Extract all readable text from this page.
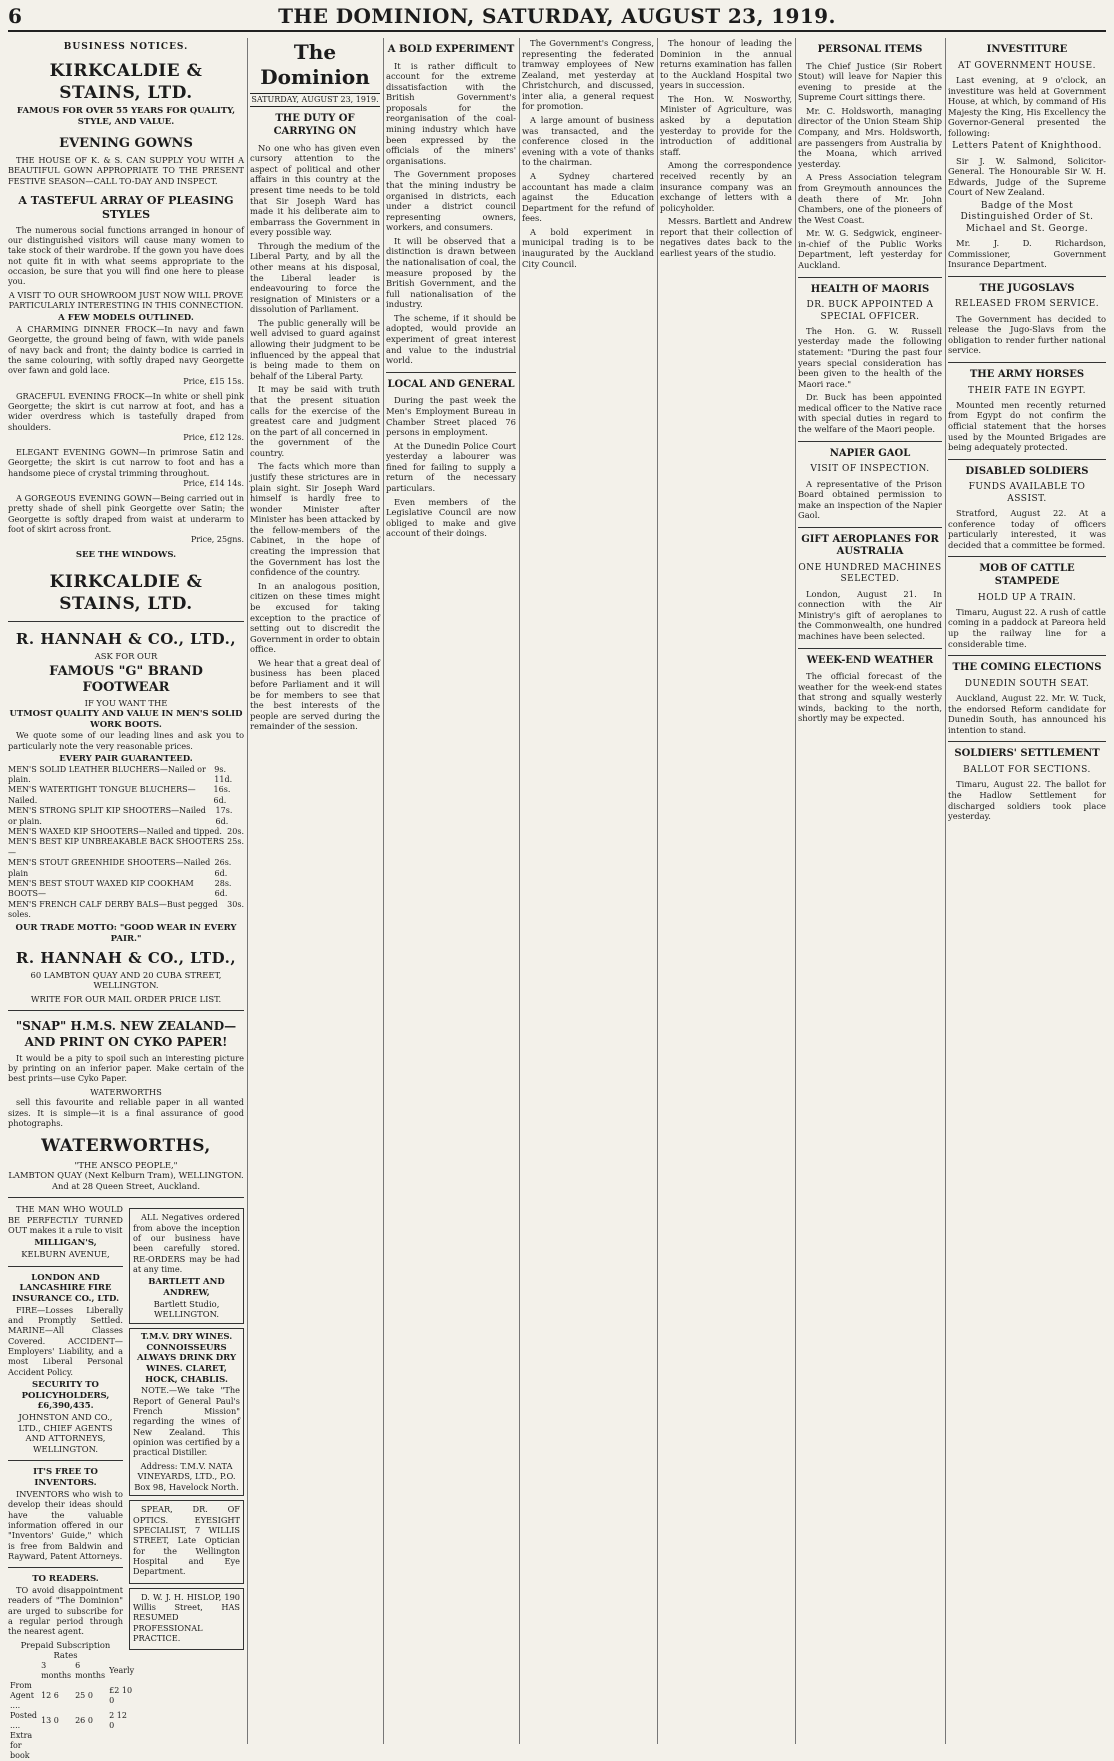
6	THE DOMINION, SATURDAY, AUGUST 23, 1919.
BUSINESS NOTICES.
KIRKCALDIE & STAINS, LTD.
FAMOUS FOR OVER 55 YEARS FOR QUALITY, STYLE, AND VALUE.
EVENING GOWNS

THE HOUSE OF K. & S. CAN SUPPLY YOU WITH A BEAUTIFUL GOWN APPROPRIATE TO THE PRESENT FESTIVE SEASON—CALL TO-DAY AND INSPECT.

A TASTEFUL ARRAY OF PLEASING STYLES

The numerous social functions arranged in honour of our distinguished visitors will cause many women to take stock of their wardrobe. If the gown you have does not quite fit in with what seems appropriate to the occasion, be sure that you will find one here to please you.

A VISIT TO OUR SHOWROOM JUST NOW WILL PROVE PARTICULARLY INTERESTING IN THIS CONNECTION.

A FEW MODELS OUTLINED.

A CHARMING DINNER FROCK—In navy and fawn Georgette, the ground being of fawn, with wide panels of navy back and front; the dainty bodice is carried in the same colouring, with softly draped navy Georgette over fawn and gold lace.

Price, £15 15s.

GRACEFUL EVENING FROCK—In white or shell pink Georgette; the skirt is cut narrow at foot, and has a wider overdress which is tastefully draped from shoulders.

Price, £12 12s.

ELEGANT EVENING GOWN—In primrose Satin and Georgette; the skirt is cut narrow to foot and has a handsome piece of crystal trimming throughout.

Price, £14 14s.

A GORGEOUS EVENING GOWN—Being carried out in pretty shade of shell pink Georgette over Satin; the Georgette is softly draped from waist at underarm to foot of skirt across front.

Price, 25gns.
SEE THE WINDOWS.
KIRKCALDIE & STAINS, LTD.
R. HANNAH & CO., LTD.,
ASK FOR OUR
FAMOUS "G" BRAND FOOTWEAR
IF YOU WANT THE
UTMOST QUALITY AND VALUE IN MEN'S SOLID WORK BOOTS.

We quote some of our leading lines and ask you to particularly note the very reasonable prices.

EVERY PAIR GUARANTEED.
MEN'S SOLID LEATHER BLUCHERS—Nailed or plain.
9s. 11d.
MEN'S WATERTIGHT TONGUE BLUCHERS—Nailed.
16s. 6d.
MEN'S STRONG SPLIT KIP SHOOTERS—Nailed or plain.
17s. 6d.
MEN'S WAXED KIP SHOOTERS—Nailed and tipped. 20s.
MEN'S BEST KIP UNBREAKABLE BACK SHOOTERS—
25s.
MEN'S STOUT GREENHIDE SHOOTERS—Nailed plain
26s. 6d.
MEN'S BEST STOUT WAXED KIP COOKHAM BOOTS—
28s. 6d.
MEN'S FRENCH CALF DERBY BALS—Bust pegged soles.
30s.
OUR TRADE MOTTO: "GOOD WEAR IN EVERY PAIR."
R. HANNAH & CO., LTD.,
60 LAMBTON QUAY AND 20 CUBA STREET, WELLINGTON.
WRITE FOR OUR MAIL ORDER PRICE LIST.
"SNAP" H.M.S. NEW ZEALAND— AND PRINT ON CYKO PAPER!

It would be a pity to spoil such an interesting picture by printing on an inferior paper. Make certain of the best prints—use Cyko Paper.

WATERWORTHS

sell this favourite and reliable paper in all wanted sizes. It is simple—it is a final assurance of good photographs.

WATERWORTHS,
"THE ANSCO PEOPLE,"
LAMBTON QUAY (Next Kelburn Tram), WELLINGTON.
And at 28 Queen Street, Auckland.

THE MAN WHO WOULD BE PERFECTLY TURNED OUT makes it a rule to visit

MILLIGAN'S,
KELBURN AVENUE,
LONDON AND LANCASHIRE FIRE INSURANCE CO., LTD.

FIRE—Losses Liberally and Promptly Settled. MARINE—All Classes Covered. ACCIDENT—Employers' Liability, and a most Liberal Personal Accident Policy.

SECURITY TO POLICYHOLDERS, £6,390,435.
JOHNSTON AND CO., LTD., CHIEF AGENTS AND ATTORNEYS, WELLINGTON.
IT'S FREE TO INVENTORS.

INVENTORS who wish to develop their ideas should have the valuable information offered in our "Inventors' Guide," which is free from Baldwin and Rayward, Patent Attorneys.

TO READERS.

TO avoid disappointment readers of "The Dominion" are urged to subscribe for a regular period through the nearest agent.

Prepaid Subscription Rates
	3 months	6 months	Yearly
From Agent ....	12 6	25 0	£2 10 0
Posted ....	13 0	26 0	2 12 0
Extra for book			

ALL Negatives ordered from above the inception of our business have been carefully stored. RE-ORDERS may be had at any time.

BARTLETT AND ANDREW,
Bartlett Studio, WELLINGTON.
T.M.V. DRY WINES. CONNOISSEURS ALWAYS DRINK DRY WINES. CLARET, HOCK, CHABLIS.

NOTE.—We take "The Report of General Paul's French Mission" regarding the wines of New Zealand. This opinion was certified by a practical Distiller.

Address: T.M.V. NATA VINEYARDS, LTD., P.O. Box 98, Havelock North.

SPEAR, DR. OF OPTICS. EYESIGHT SPECIALIST, 7 WILLIS STREET, Late Optician for the Wellington Hospital and Eye Department.

D. W. J. H. HISLOP, 190 Willis Street, HAS RESUMED PROFESSIONAL PRACTICE.

The Dominion
SATURDAY, AUGUST 23, 1919.
THE DUTY OF CARRYING ON

No one who has given even cursory attention to the aspect of political and other affairs in this country at the present time needs to be told that Sir Joseph Ward has made it his deliberate aim to embarrass the Government in every possible way.

Through the medium of the Liberal Party, and by all the other means at his disposal, the Liberal leader is endeavouring to force the resignation of Ministers or a dissolution of Parliament.

The public generally will be well advised to guard against allowing their judgment to be influenced by the appeal that is being made to them on behalf of the Liberal Party.

It may be said with truth that the present situation calls for the exercise of the greatest care and judgment on the part of all concerned in the government of the country.

The facts which more than justify these strictures are in plain sight. Sir Joseph Ward himself is hardly free to wonder Minister after Minister has been attacked by the fellow-members of the Cabinet, in the hope of creating the impression that the Government has lost the confidence of the country.

In an analogous position, citizen on these times might be excused for taking exception to the practice of setting out to discredit the Government in order to obtain office.

We hear that a great deal of business has been placed before Parliament and it will be for members to see that the best interests of the people are served during the remainder of the session.

A BOLD EXPERIMENT

It is rather difficult to account for the extreme dissatisfaction with the British Government's proposals for the reorganisation of the coal-mining industry which have been expressed by the officials of the miners' organisations.

The Government proposes that the mining industry be organised in districts, each under a district council representing owners, workers, and consumers.

It will be observed that a distinction is drawn between the nationalisation of coal, the measure proposed by the British Government, and the full nationalisation of the industry.

The scheme, if it should be adopted, would provide an experiment of great interest and value to the industrial world.

LOCAL AND GENERAL

During the past week the Men's Employment Bureau in Chamber Street placed 76 persons in employment.

At the Dunedin Police Court yesterday a labourer was fined for failing to supply a return of the necessary particulars.

Even members of the Legislative Council are now obliged to make and give account of their doings.

The Government's Congress, representing the federated tramway employees of New Zealand, met yesterday at Christchurch, and discussed, inter alia, a general request for promotion.

A large amount of business was transacted, and the conference closed in the evening with a vote of thanks to the chairman.

A Sydney chartered accountant has made a claim against the Education Department for the refund of fees.

A bold experiment in municipal trading is to be inaugurated by the Auckland City Council.

The honour of leading the Dominion in the annual returns examination has fallen to the Auckland Hospital two years in succession.

The Hon. W. Nosworthy, Minister of Agriculture, was asked by a deputation yesterday to provide for the introduction of additional staff.

Among the correspondence received recently by an insurance company was an exchange of letters with a policyholder.

Messrs. Bartlett and Andrew report that their collection of negatives dates back to the earliest years of the studio.

PERSONAL ITEMS

The Chief Justice (Sir Robert Stout) will leave for Napier this evening to preside at the Supreme Court sittings there.

Mr. C. Holdsworth, managing director of the Union Steam Ship Company, and Mrs. Holdsworth, are passengers from Australia by the Moana, which arrived yesterday.

A Press Association telegram from Greymouth announces the death there of Mr. John Chambers, one of the pioneers of the West Coast.

Mr. W. G. Sedgwick, engineer-in-chief of the Public Works Department, left yesterday for Auckland.

HEALTH OF MAORIS
DR. BUCK APPOINTED A SPECIAL OFFICER.

The Hon. G. W. Russell yesterday made the following statement: "During the past four years special consideration has been given to the health of the Maori race."

Dr. Buck has been appointed medical officer to the Native race with special duties in regard to the welfare of the Maori people.

NAPIER GAOL
VISIT OF INSPECTION.

A representative of the Prison Board obtained permission to make an inspection of the Napier Gaol.

GIFT AEROPLANES FOR AUSTRALIA
ONE HUNDRED MACHINES SELECTED.

London, August 21. In connection with the Air Ministry's gift of aeroplanes to the Commonwealth, one hundred machines have been selected.

WEEK-END WEATHER

The official forecast of the weather for the week-end states that strong and squally westerly winds, backing to the north, shortly may be expected.

INVESTITURE
AT GOVERNMENT HOUSE.

Last evening, at 9 o'clock, an investiture was held at Government House, at which, by command of His Majesty the King, His Excellency the Governor-General presented the following:

Letters Patent of Knighthood.

Sir J. W. Salmond, Solicitor-General. The Honourable Sir W. H. Edwards, Judge of the Supreme Court of New Zealand.

Badge of the Most Distinguished Order of St. Michael and St. George.

Mr. J. D. Richardson, Commissioner, Government Insurance Department.

THE JUGOSLAVS
RELEASED FROM SERVICE.

The Government has decided to release the Jugo-Slavs from the obligation to render further national service.

THE ARMY HORSES
THEIR FATE IN EGYPT.

Mounted men recently returned from Egypt do not confirm the official statement that the horses used by the Mounted Brigades are being adequately protected.

DISABLED SOLDIERS
FUNDS AVAILABLE TO ASSIST.

Stratford, August 22. At a conference today of officers particularly interested, it was decided that a committee be formed.

MOB OF CATTLE STAMPEDE
HOLD UP A TRAIN.

Timaru, August 22. A rush of cattle coming in a paddock at Pareora held up the railway line for a considerable time.

THE COMING ELECTIONS
DUNEDIN SOUTH SEAT.

Auckland, August 22. Mr. W. Tuck, the endorsed Reform candidate for Dunedin South, has announced his intention to stand.

SOLDIERS' SETTLEMENT
BALLOT FOR SECTIONS.

Timaru, August 22. The ballot for the Hadlow Settlement for discharged soldiers took place yesterday.
